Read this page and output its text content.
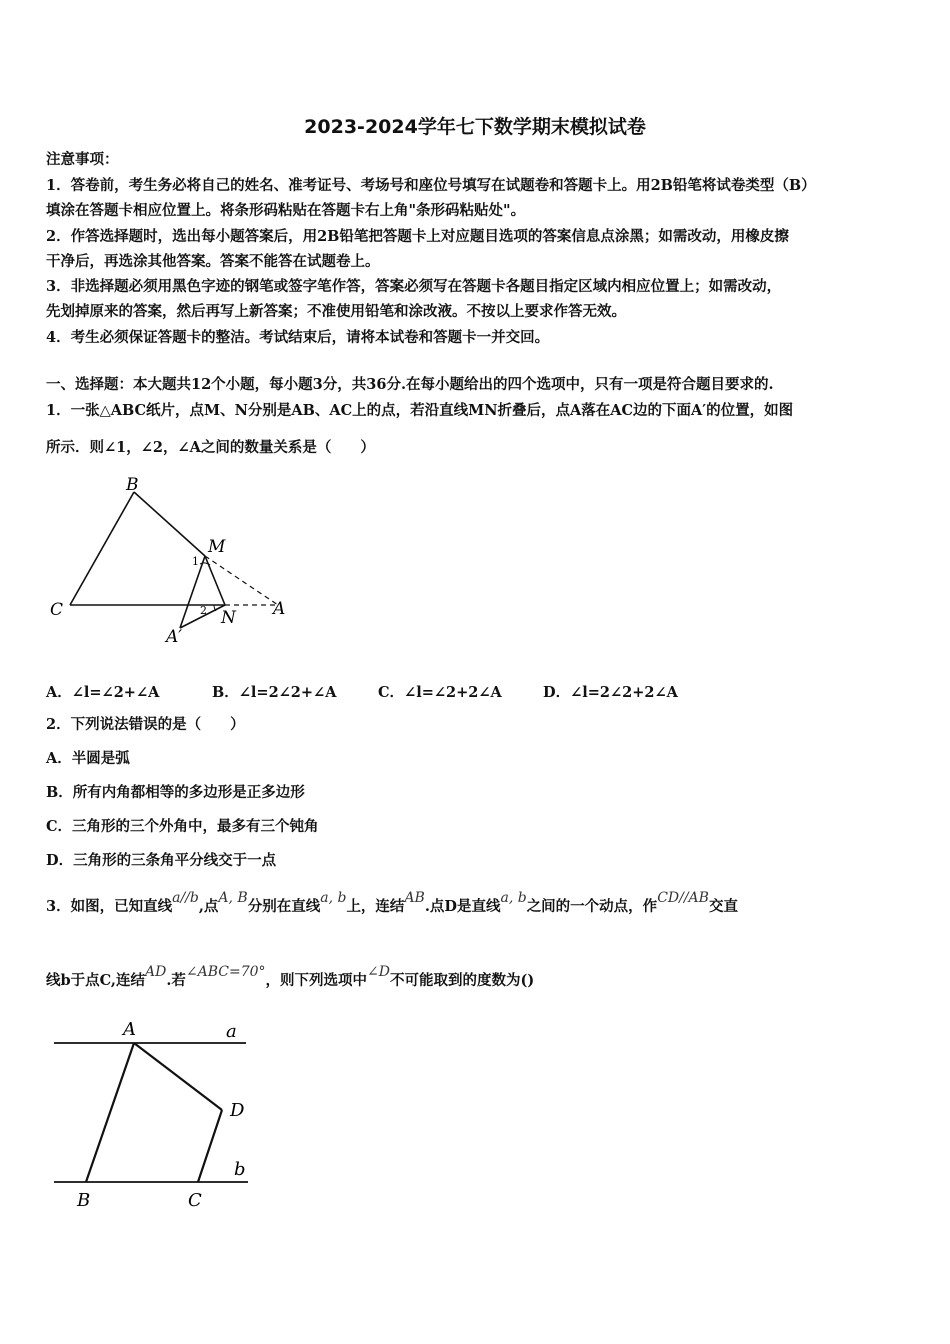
2023-2024学年七下数学期末模拟试卷
注意事项：
1．答卷前，考生务必将自己的姓名、准考证号、考场号和座位号填写在试题卷和答题卡上。用2B铅笔将试卷类型（B）
填涂在答题卡相应位置上。将条形码粘贴在答题卡右上角"条形码粘贴处"。
2．作答选择题时，选出每小题答案后，用2B铅笔把答题卡上对应题目选项的答案信息点涂黑；如需改动，用橡皮擦
干净后，再选涂其他答案。答案不能答在试题卷上。
3．非选择题必须用黑色字迹的钢笔或签字笔作答，答案必须写在答题卡各题目指定区域内相应位置上；如需改动，
先划掉原来的答案，然后再写上新答案；不准使用铅笔和涂改液。不按以上要求作答无效。
4．考生必须保证答题卡的整洁。考试结束后，请将本试卷和答题卡一并交回。
一、选择题：本大题共12个小题，每小题3分，共36分.在每小题给出的四个选项中，只有一项是符合题目要求的.
1．一张△ABC纸片，点M、N分别是AB、AC上的点，若沿直线MN折叠后，点A落在AC边的下面A′的位置，如图
所示．则∠1，∠2，∠A之间的数量关系是（　　）
B
M
C	A
N
A′
1
2
A．∠l=∠2+∠A	B．∠l=2∠2+∠A	C．∠l=∠2+2∠A	D．∠l=2∠2+2∠A
2．下列说法错误的是（　　）
A．半圆是弧
B．所有内角都相等的多边形是正多边形
C．三角形的三个外角中，最多有三个钝角
D．三角形的三条角平分线交于一点
3．如图，已知直线a//b,点A, B分别在直线a, b上，连结AB.点D是直线a, b之间的一个动点，作CD//AB交直
线b于点C,连结AD.若∠ABC=70°，则下列选项中∠D不可能取到的度数为()
A	a
D
b
B	C
